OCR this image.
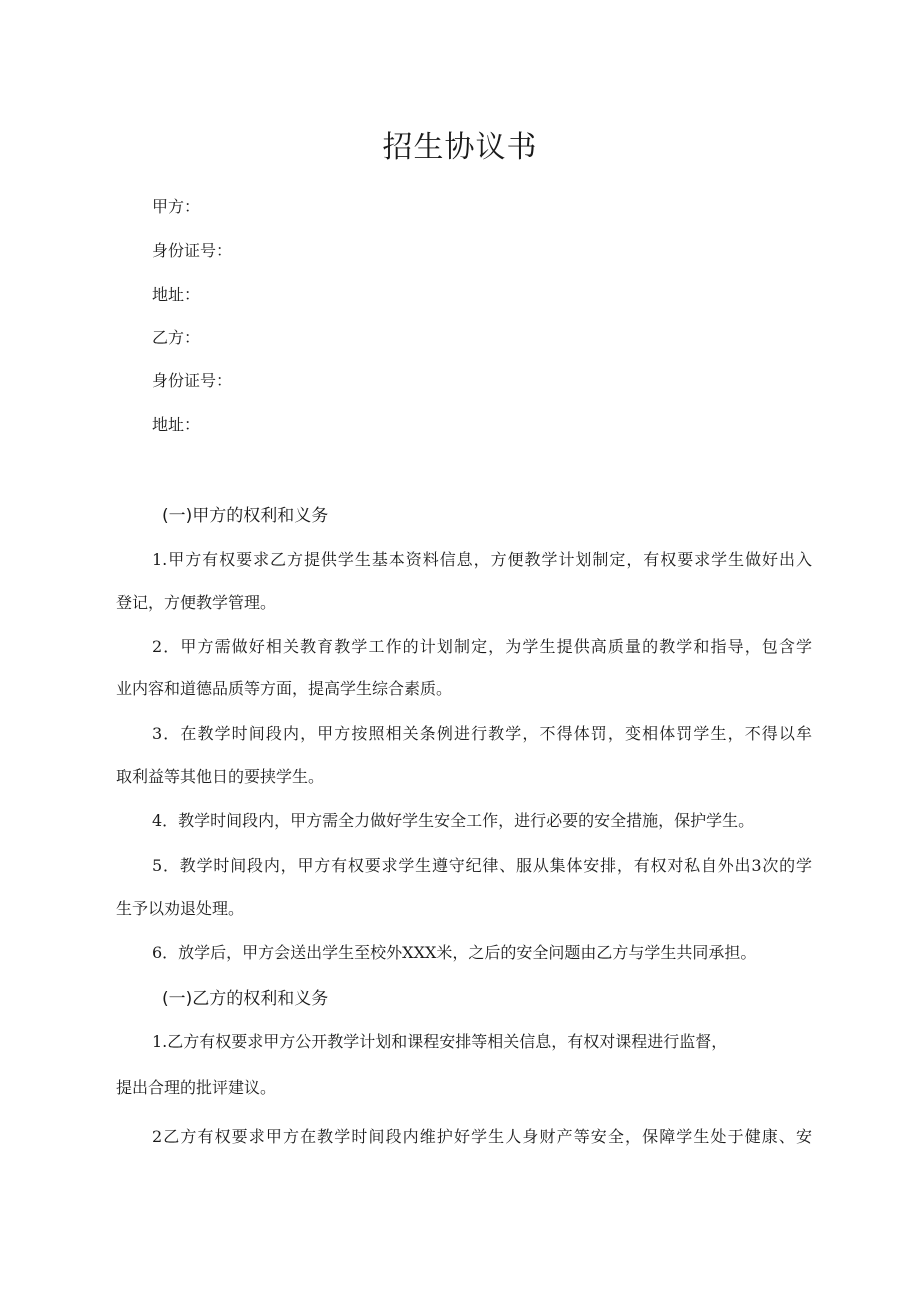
招生协议书

甲方：

身份证号：

地址：

乙方：

身份证号：

地址：

(一)甲方的权利和义务

1.甲方有权要求乙方提供学生基本资料信息，方便教学计划制定，有权要求学生做好出入

登记，方便教学管理。

2．甲方需做好相关教育教学工作的计划制定，为学生提供高质量的教学和指导，包含学

业内容和道德品质等方面，提高学生综合素质。

3．在教学时间段内，甲方按照相关条例进行教学，不得体罚，变相体罚学生，不得以牟

取利益等其他日的要挟学生。

4．教学时间段内，甲方需全力做好学生安全工作，进行必要的安全措施，保护学生。

5．教学时间段内，甲方有权要求学生遵守纪律、服从集体安排，有权对私自外出3次的学

生予以劝退处理。

6．放学后，甲方会送出学生至校外XXX米，之后的安全问题由乙方与学生共同承担。

(一)乙方的权利和义务

1.乙方有权要求甲方公开教学计划和课程安排等相关信息，有权对课程进行监督，

提出合理的批评建议。

2乙方有权要求甲方在教学时间段内维护好学生人身财产等安全，保障学生处于健康、安
